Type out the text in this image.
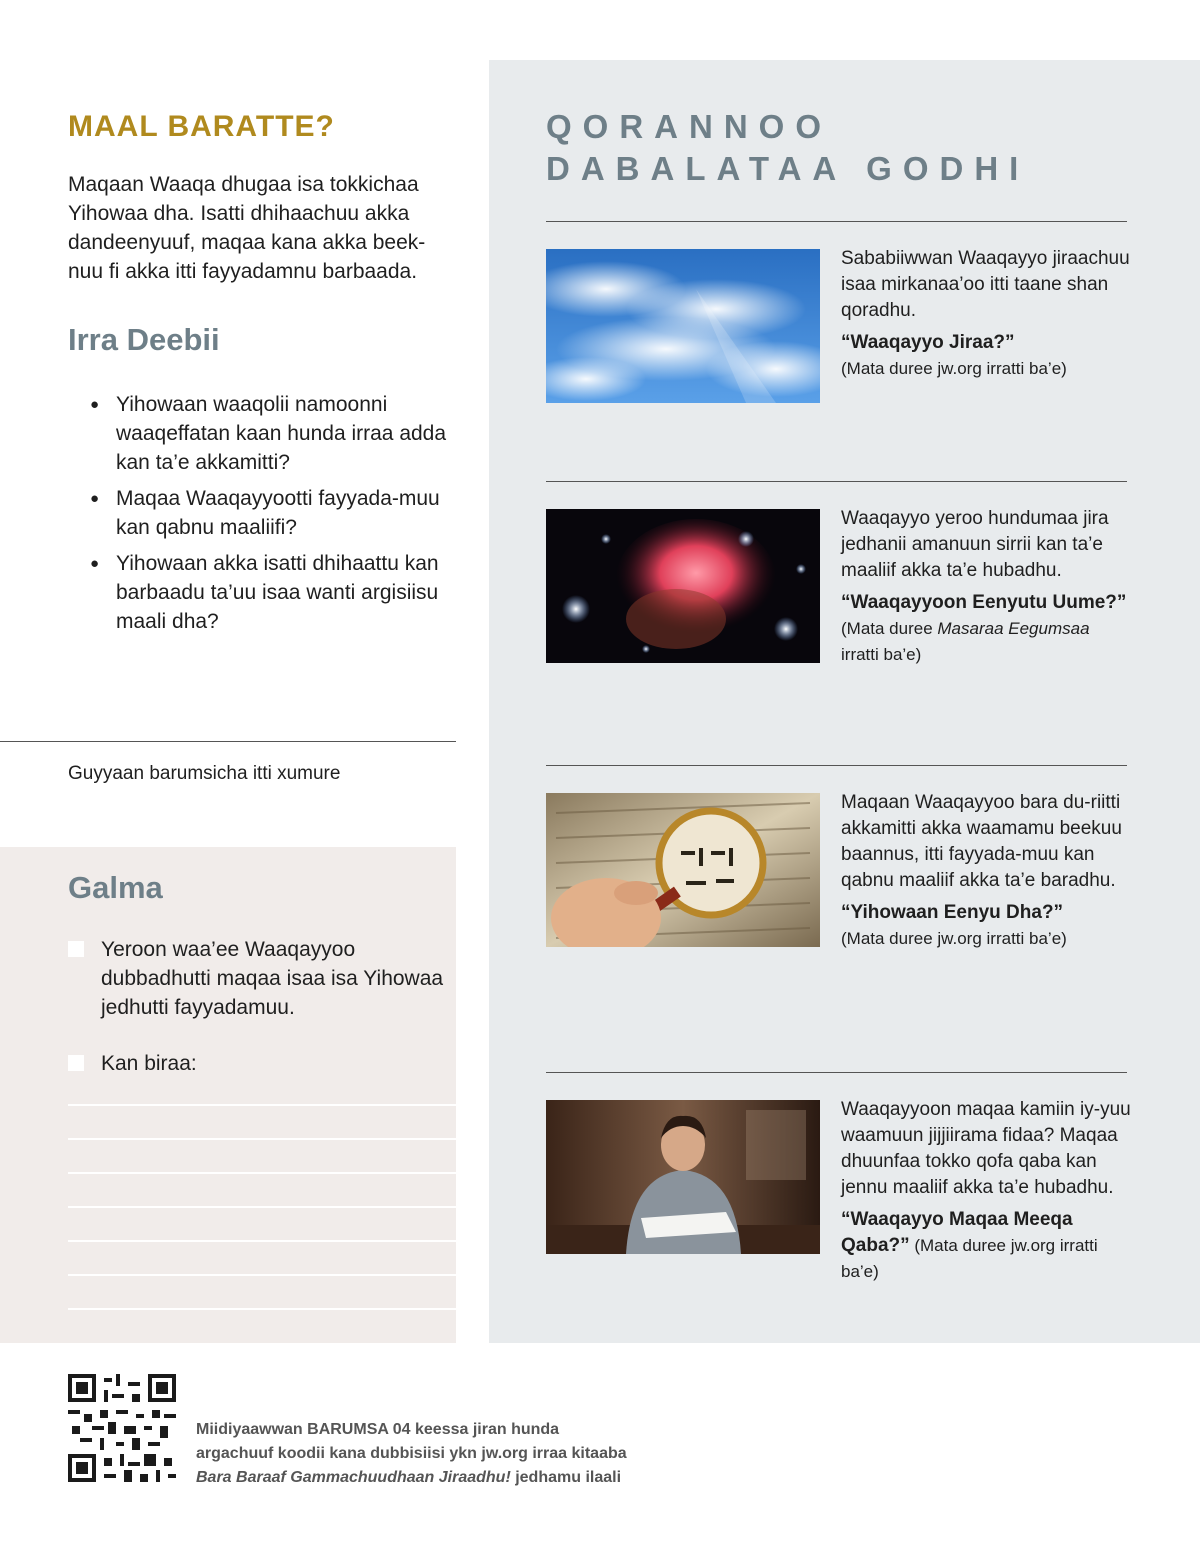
MAAL BARATTE?
Maqaan Waaqa dhugaa isa tokkichaa Yihowaa dha. Isatti dhihaachuu akka dandeenyuuf, maqaa kana akka beek-nuu fi akka itti fayyadamnu barbaada.
Irra Deebii
● Yihowaan waaqolii namoonni waaqeffatan kaan hunda irraa adda kan ta’e akkamitti?
● Maqaa Waaqayyootti fayyada-muu kan qabnu maaliifi?
● Yihowaan akka isatti dhihaattu kan barbaadu ta’uu isaa wanti argisiisu maali dha?
Guyyaan barumsicha itti xumure
Galma
Yeroon waa’ee Waaqayyoo dubbadhutti maqaa isaa isa Yihowaa jedhutti fayyadamuu.
Kan biraa:
QORANNOO
DABALATAA GODHI
Sababiiwwan Waaqayyo jiraachuu isaa mirkanaa’oo itti taane shan qoradhu.
“Waaqayyo Jiraa?”
(Mata duree jw.org irratti ba’e)
Waaqayyo yeroo hundumaa jira jedhanii amanuun sirrii kan ta’e maaliif akka ta’e hubadhu.
“Waaqayyoon Eenyutu Uume?” (Mata duree Masaraa Eegumsaa irratti ba’e)
Maqaan Waaqayyoo bara du-riitti akkamitti akka waamamu beekuu baannus, itti fayyada-muu kan qabnu maaliif akka ta’e baradhu.
“Yihowaan Eenyu Dha?”
(Mata duree jw.org irratti ba’e)
Waaqayyoon maqaa kamiin iy-yuu waamuun jijjiirama fidaa? Maqaa dhuunfaa tokko qofa qaba kan jennu maaliif akka ta’e hubadhu.
“Waaqayyo Maqaa Meeqa Qaba?” (Mata duree jw.org irratti ba’e)
Miidiyaawwan BARUMSA 04 keessa jiran hunda
argachuuf koodii kana dubbisiisi ykn jw.org irraa kitaaba
Bara Baraaf Gammachuudhaan Jiraadhu! jedhamu ilaali
